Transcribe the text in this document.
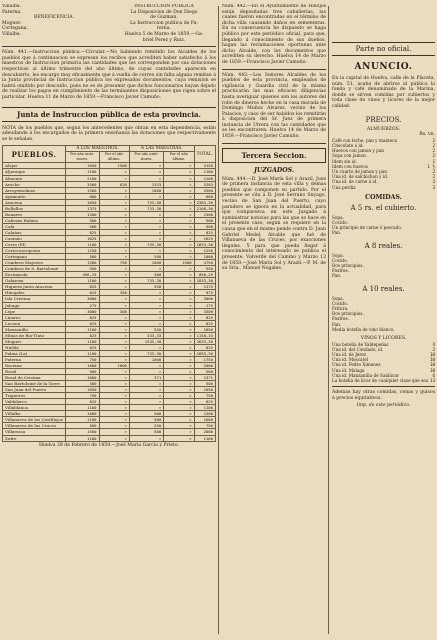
Villalba.

Paterna.

BENEFICENCIA.

Moguer.

Cortegana.

Villalba.

INSTRUCCION PUBLICA

La Disposicion de Don Diego

de Guzman.

La Instruccion publica de Pa-

terna.

Huelva 5 de Marzo de 1859.—Ga-

briel Perez y Ruiz.

Núm. 441.—Instruccion pública.—Circular.—No habiendo remitido los Alcaldes de los pueblos que á continuacion se expresan los recibos que acrediten haber satisfecho á los maestros de Instruccion primaria las cantidades que les corresponden por sus dotaciones respectivas al último trimestre del año último, de cuyas cantidades aparecen en descubierto, les encargo muy eficazmente que á vuelta de correo sin falta alguna remitan á la Junta provincial de Instruccion pública los expresados documentos, cuya remision se habrá omitido por descuido, pues no es de presumir que dichos funcionarios hayan dejado de realizar los pagos en cumplimiento de las terminantes disposiciones que rigen sobre el particular. Huelva 11 de Marzo de 1859.—Francisco Javier Camuño.

Junta de Instruccion pública de esta provincia.

NOTA de los pueblos que, segun los antecedentes que obran en esta dependencia, están adeudando á los encargados de la primera enseñanza las dotaciones que respectivamente se le señalan.

PUEBLOS.	A LOS MAESTROS.		A LAS MAESTRAS.		TOTAL.
	Por año ante-riores.	Por el año último.	Por año ante-riores.	Por el año último.	
Alajar	1650	1500	»	»	3150
Aljaraque	1100	»	»	»	1100
Almonte	2100	»	»	»	2100
Aroche	3500	620	1333	»	5283
Arroyomolinos	1500	»	1000	»	2500
Ayamonte	600	»	»	»	600
Aracena	1650	»	733,30	»	2383,30
Bollullos	1375	»	733,30	»	2108,30
Bonares	1500	»	»	»	1500
Cabezas Rubias	500	»	»	»	500
Cala	500	»	»	»	500
Calañas	825	»	»	»	825
Castaño	1625	»	»	»	1625
Cerro (El)	1100	»	733,30	»	1833,30
Corteconcepcion	1250	»	»	»	1250
Cortegana	500	»	500	»	1000
Cumbres Mayores	1500	750	1000	1500	4750
Cumbres de S. Bartolomé	550	»	»	»	550
Encinasola	456,25	»	400	»	856,25
Galaroza	1100	»	733,30	»	1833,30
Higuera junto Aracena	825	»	550	»	1375
Hinojales	625	350	»	»	975
Isla Cristina	3000	»	»	»	3000
Jabugo	275	»	»	»	275
Lepe	3000	300	»	»	3300
Linares	825	»	»	»	825
Lucena	825	»	»	»	825
Manzanilla	1100	»	550	»	1650
Minas de Rio-Tinto	825	»	333,33	»	1158,33
Moguer	1100	»	1533,30	»	2633,30
Niebla	825	»	»	»	825
Palma (La)	1100	»	733,30	»	1833,30
Paterna	750	»	1000	»	1750
Rociana	1000	1000	»	»	2000
Rosal	500	»	»	»	500
Rosal de Cristina	1000	»	371	»	1371
San Bartolomé de la Torre	500	»	»	»	500
San Juan del Puerto	1650	»	»	»	1650
Trigueros	750	»	»	»	750
Valdelarco	625	»	»	»	625
Villablanca	1100	»	»	»	1100
Villalba	1000	»	500	»	1500
Villanueva de los Castillejos	1100	»	500	»	1600
Villanueva de las Cruces	500	»	250	»	750
Villarrasa	1500	»	500	»	2000
Zufre	1100	»	»	»	1100

Huelva 28 de Febrero de 1859.—José María García y Prieto.

Núm. 442.—En el Ayuntamiento de Hinojos están depositadas tres caballerías, las cuales fueron encontradas en el término de dicha villa causando daños en sementeras. En su consecuencia he dispuesto se haga público por este periódico oficial, para que, llegando á conocimiento de sus dueños, hagan las reclamaciones oportunas ante dicho Alcalde, con los documentos que acrediten su derecho. Huelva 14 de Marzo de 1859.—Francisco Javier Camuño.

Núm. 443.—Los Señores Alcaldes de los pueblos de esta provincia, empleados de vigilancia y Guardia civil de la misma practicarán las mas eficaces diligencias hasta averiguar quienes son los autores del robo de dineros hecho en la casa morada de Domingo Muñoz Alvarez, vecino de los Palacios; y caso de ser habidos los remitirán á disposicion del Sr. Juez de primera instancia de Utrera con las cantidades que se les encontraren. Huelva 14 de Marzo de 1859.—Francisco Javier Camuño.

Tercera Seccion.
JUZGADOS.

Núm. 444.—D. José María Sol y Arazil, Juez de primera instancia de esta villa y demas pueblos que componen su partido. Por el presente se cita á D. José Serrano Snyago, vecino de San Juan del Puerto, cuyo paradero se ignora en la actualidad, para que comparezca en este Juzgado á suministrar noticias para las que se hace en el presente caso, según se requiere en la causa que en el mismo pende contra D. Juan Gabriel Medel, Alcalde que fué de Villanueva de las Cruces, por exacciones ilegales. Y para que pueda llegar á conocimiento del interesado se publica el presente. Valverde del Camino y Marzo 12 de 1859.—José María Sol y Arazil.—P. M. de su Sría., Manuel Nogales.

Parte no oficial.
ANUNCIO.

En la capital de Huelva, calle de la Placeta, núm. 51, acaba de abrirse al público la fonda y café denominado de la Marina, donde se sirven comidas por cubiertos y toda clase de vinos y licores de la mejor calidad.

PRECIOS.

ALMUERZOS.

Rs. vn.

Café con leche, pan y manteca	2
Chocolate á id.	2
Huevos con jamon y pan	2
Sopa con jamon	2
Idem sin id.	1
Idem con huevos	1 ½
Un cuarto de jamon y pan	2
Una id. de salchichon y id.	2
Una id. de carne á id.	3
Una perdiz	3
COMIDAS.
A 5 rs. el cubierto.
Sopa.
Cocido.
Un principio de carne ó pescado.
Pan.
A 8 reales.
Sopa.
Cocido.
Dos principios.
Postres.
Pan.
A 10 reales.
Sopa.
Cocido.
Fritura.
Dos principios.
Postres.
Pan.
Media botella de vino blanco.

VINOS Y LICORES.

Una botella de Valdepeñas	4
Una id. del Condado, id.	2
Una id. de Jerez	10
Una id. Moscatel	10
Una id. Pedro Ximenez	10
Una id. Malaga	10
Una id. Manzanilla de Sanlúcar	6
La botella de licor de cualquier clase que sea 13

Ademas hay otras comidas, cenas y guisos á precios equitativos.

Imp. de este periódico.
